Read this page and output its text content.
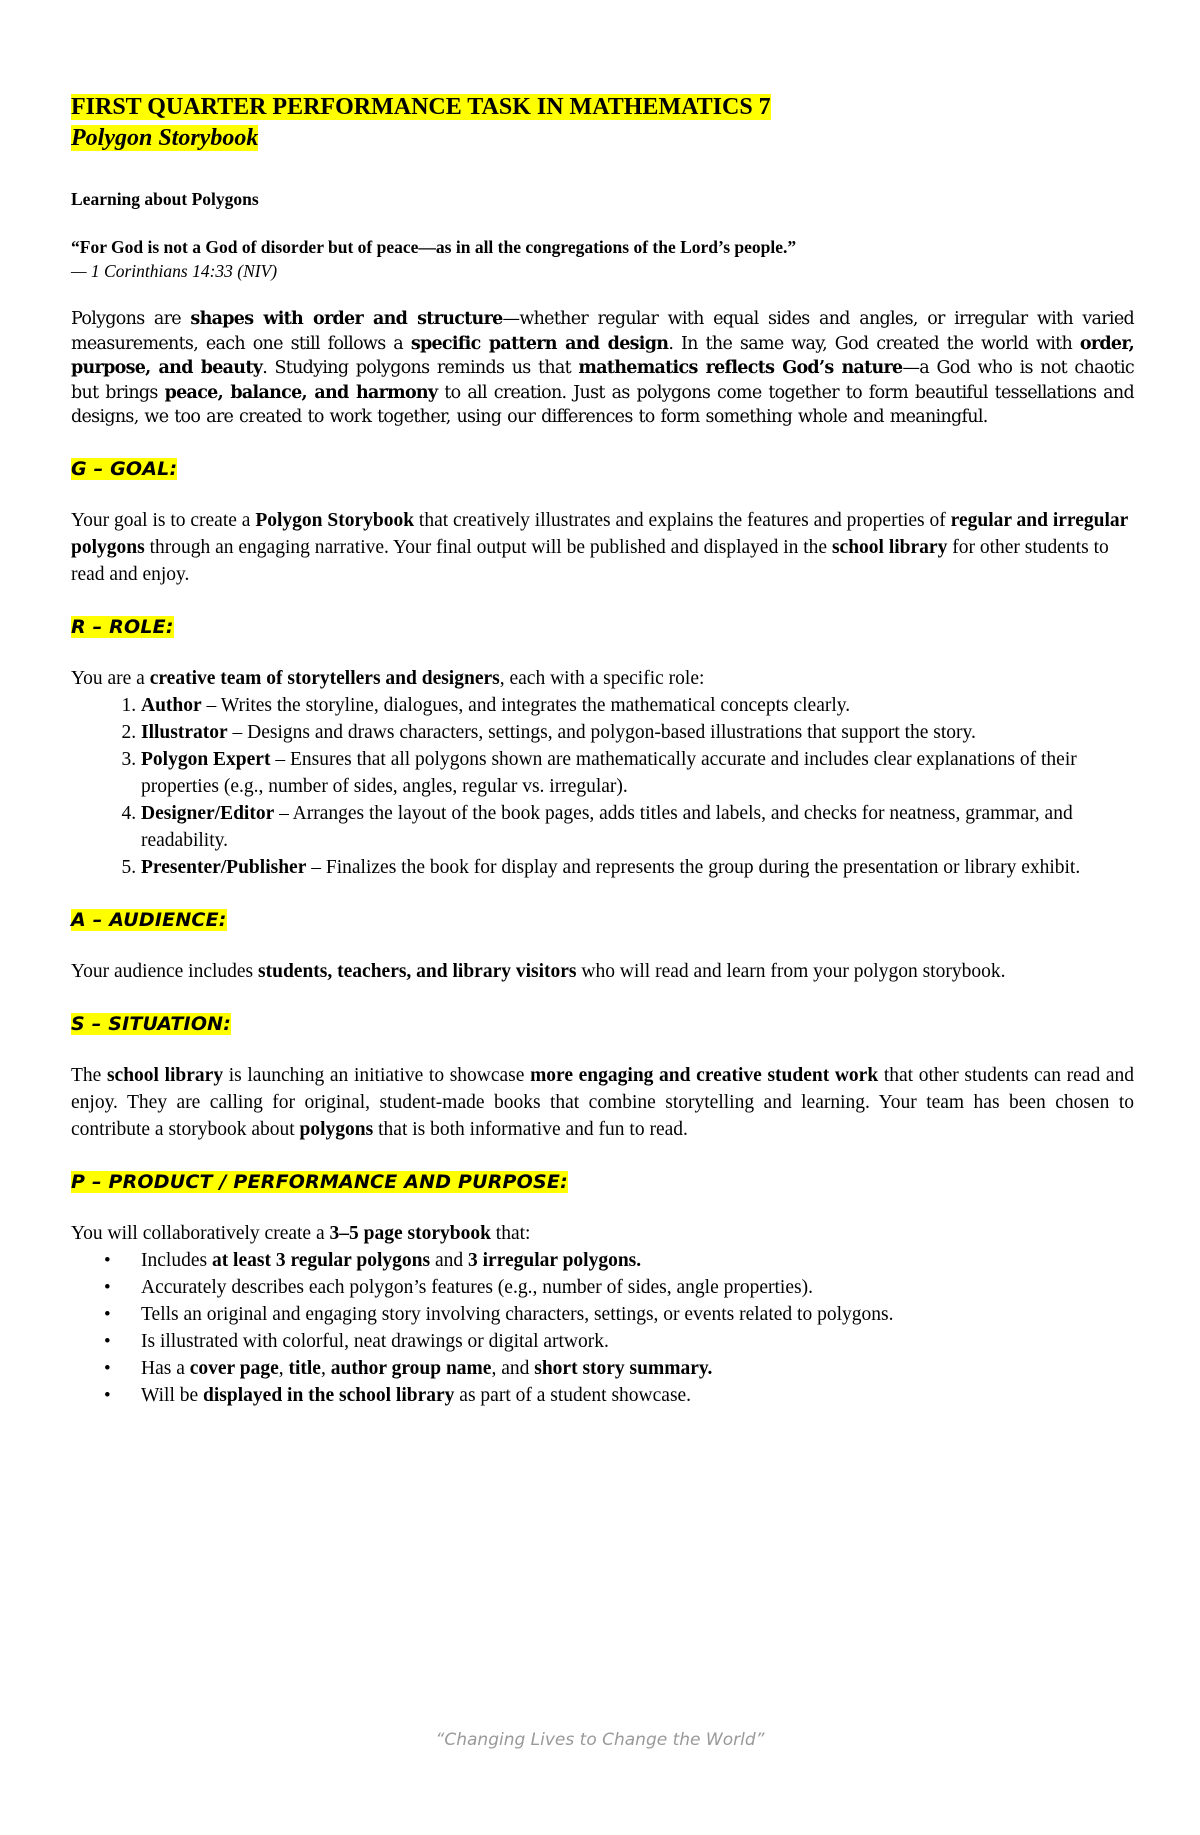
FIRST QUARTER PERFORMANCE TASK IN MATHEMATICS 7

Polygon Storybook

Learning about Polygons

“For God is not a God of disorder but of peace—as in all the congregations of the Lord’s people.”

— 1 Corinthians 14:33 (NIV)

Polygons are shapes with order and structure—whether regular with equal sides and angles, or irregular with varied measurements, each one still follows a specific pattern and design. In the same way, God created the world with order, purpose, and beauty. Studying polygons reminds us that mathematics reflects God’s nature—a God who is not chaotic but brings peace, balance, and harmony to all creation. Just as polygons come together to form beautiful tessellations and designs, we too are created to work together, using our differences to form something whole and meaningful.

G – GOAL:

Your goal is to create a Polygon Storybook that creatively illustrates and explains the features and properties of regular and irregular polygons through an engaging narrative. Your final output will be published and displayed in the school library for other students to read and enjoy.

R – ROLE:

You are a creative team of storytellers and designers, each with a specific role:

1. Author – Writes the storyline, dialogues, and integrates the mathematical concepts clearly.
2. Illustrator – Designs and draws characters, settings, and polygon-based illustrations that support the story.
3. Polygon Expert – Ensures that all polygons shown are mathematically accurate and includes clear explanations of their properties (e.g., number of sides, angles, regular vs. irregular).
4. Designer/Editor – Arranges the layout of the book pages, adds titles and labels, and checks for neatness, grammar, and readability.
5. Presenter/Publisher – Finalizes the book for display and represents the group during the presentation or library exhibit.

A – AUDIENCE:

Your audience includes students, teachers, and library visitors who will read and learn from your polygon storybook.

S – SITUATION:

The school library is launching an initiative to showcase more engaging and creative student work that other students can read and enjoy. They are calling for original, student-made books that combine storytelling and learning. Your team has been chosen to contribute a storybook about polygons that is both informative and fun to read.

P – PRODUCT / PERFORMANCE AND PURPOSE:

You will collaboratively create a 3–5 page storybook that:

• Includes at least 3 regular polygons and 3 irregular polygons.
• Accurately describes each polygon’s features (e.g., number of sides, angle properties).
• Tells an original and engaging story involving characters, settings, or events related to polygons.
• Is illustrated with colorful, neat drawings or digital artwork.
• Has a cover page, title, author group name, and short story summary.
• Will be displayed in the school library as part of a student showcase.
“Changing Lives to Change the World”
